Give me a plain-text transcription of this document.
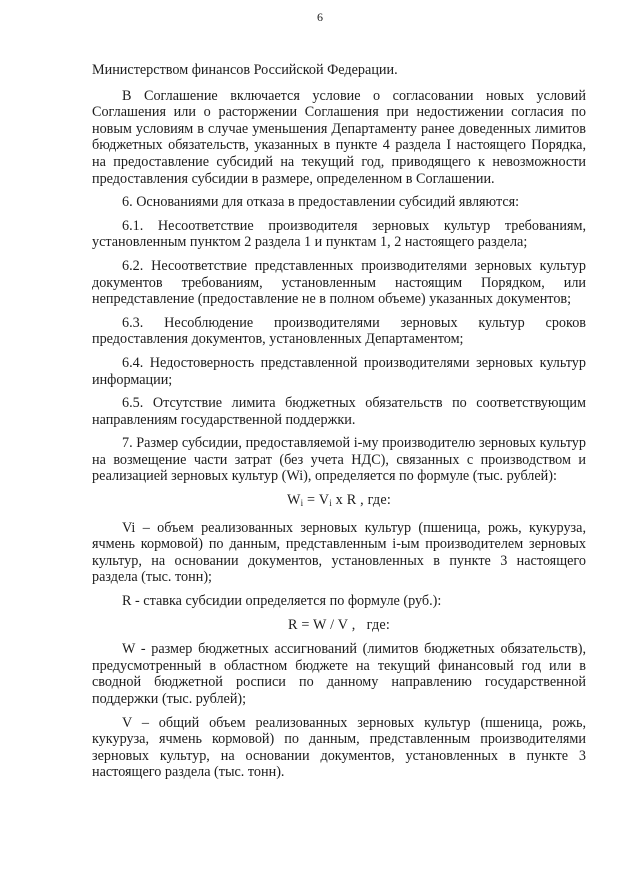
6

Министерством финансов Российской Федерации.

В Соглашение включается условие о согласовании новых условий Соглашения или о расторжении Соглашения при недостижении согласия по новым условиям в случае уменьшения Департаменту ранее доведенных лимитов бюджетных обязательств, указанных в пункте 4 раздела I настоящего Порядка, на предоставление субсидий на текущий год, приводящего к невозможности предоставления субсидии в размере, определенном в Соглашении.

6. Основаниями для отказа в предоставлении субсидий являются:

6.1. Несоответствие производителя зерновых культур требованиям, установленным пунктом 2 раздела 1 и пунктам 1, 2 настоящего раздела;

6.2. Несоответствие представленных производителями зерновых культур документов требованиям, установленным настоящим Порядком, или непредставление (предоставление не в полном объеме) указанных документов;

6.3. Несоблюдение производителями зерновых культур сроков предоставления документов, установленных Департаментом;

6.4. Недостоверность представленной производителями зерновых культур информации;

6.5. Отсутствие лимита бюджетных обязательств по соответствующим направлениям государственной поддержки.

7. Размер субсидии, предоставляемой i-му производителю зерновых культур на возмещение части затрат (без учета НДС), связанных с производством и реализацией зерновых культур (Wi), определяется по формуле (тыс. рублей):

$W_i = V_i$ x R , где:

Vi – объем реализованных зерновых культур (пшеница, рожь, кукуруза, ячмень кормовой) по данным, представленным i-ым производителем зерновых культур, на основании документов, установленных в пункте 3 настоящего раздела (тыс. тонн);

R - ставка субсидии определяется по формуле (руб.):

R = W / V ,   где:

W - размер бюджетных ассигнований (лимитов бюджетных обязательств), предусмотренный в областном бюджете на текущий финансовый год или в сводной бюджетной росписи по данному направлению государственной поддержки (тыс. рублей);

V – общий объем реализованных зерновых культур (пшеница, рожь, кукуруза, ячмень кормовой) по данным, представленным производителями зерновых культур, на основании документов, установленных в пункте 3 настоящего раздела (тыс. тонн).
